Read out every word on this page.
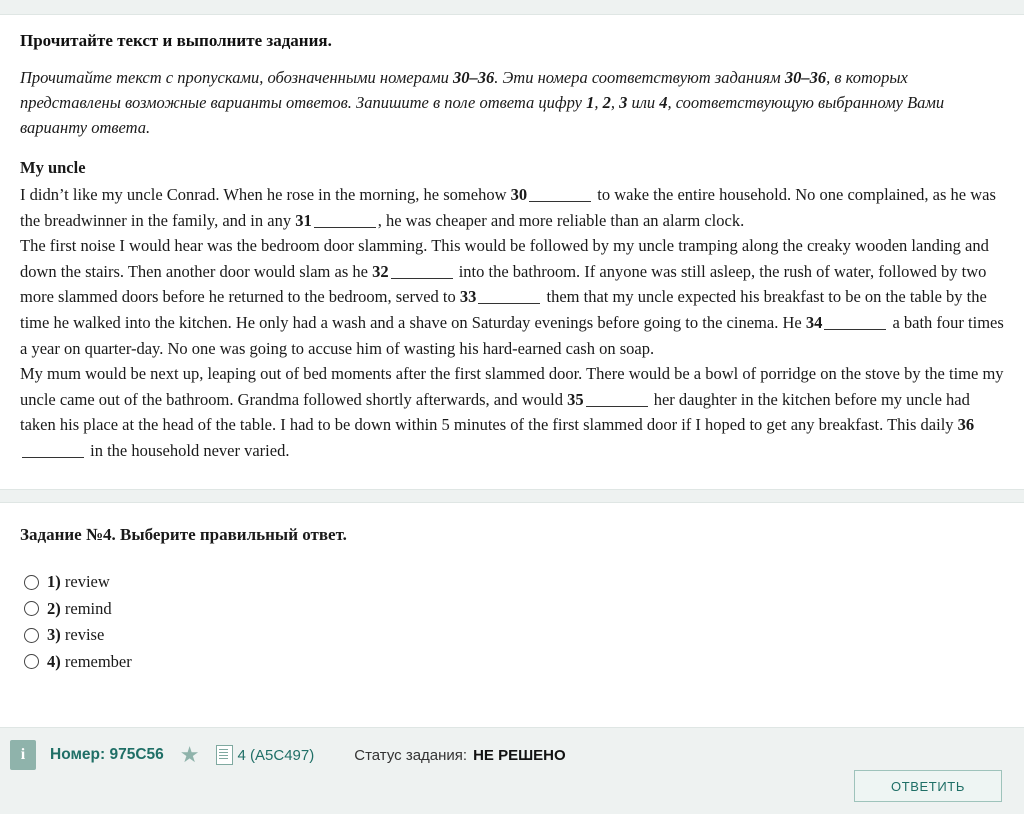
Прочитайте текст и выполните задания.
Прочитайте текст с пропусками, обозначенными номерами 30–36. Эти номера соответствуют заданиям 30–36, в которых представлены возможные варианты ответов. Запишите в поле ответа цифру 1, 2, 3 или 4, соответствующую выбранному Вами варианту ответа.
My uncle
I didn’t like my uncle Conrad. When he rose in the morning, he somehow 30	to wake the entire household. No one complained, as he was the breadwinner in the family, and in any 31	, he was cheaper and more reliable than an alarm clock.
The first noise I would hear was the bedroom door slamming. This would be followed by my uncle tramping along the creaky wooden landing and down the stairs. Then another door would slam as he 32	into the bathroom. If anyone was still asleep, the rush of water, followed by two more slammed doors before he returned to the bedroom, served to 33	them that my uncle expected his breakfast to be on the table by the time he walked into the kitchen. He only had a wash and a shave on Saturday evenings before going to the cinema. He 34	a bath four times a year on quarter-day. No one was going to accuse him of wasting his hard-earned cash on soap.
My mum would be next up, leaping out of bed moments after the first slammed door. There would be a bowl of porridge on the stove by the time my uncle came out of the bathroom. Grandma followed shortly afterwards, and would 35	her daughter in the kitchen before my uncle had taken his place at the head of the table. I had to be down within 5 minutes of the first slammed door if I hoped to get any breakfast. This daily 36 in the household never varied.
Задание №4. Выберите правильный ответ.
1) review
2) remind
3) revise
4) remember
i	Номер: 975C56 ★	4 (A5C497)	Статус задания: НЕ РЕШЕНО
ОТВЕТИТЬ
